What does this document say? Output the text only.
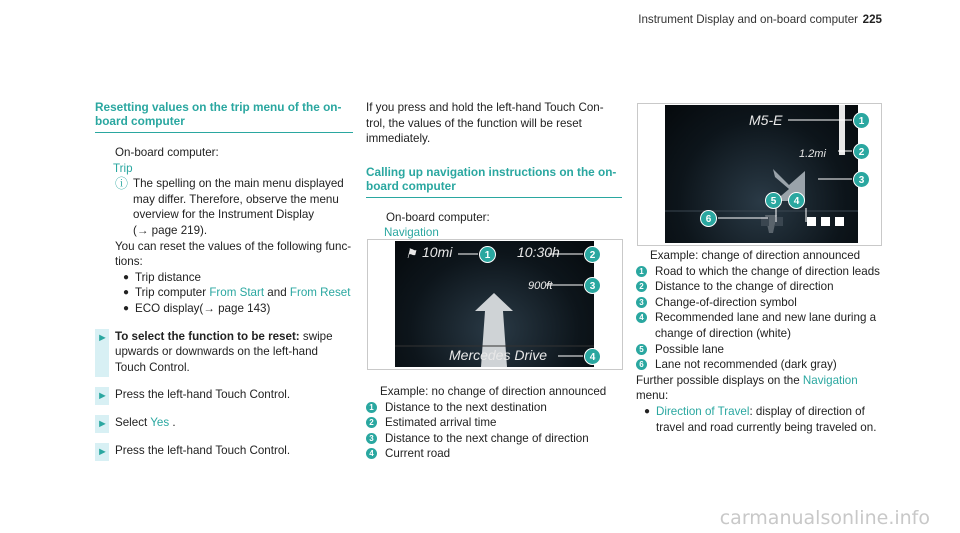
Instrument Display and on-board computer 225
Resetting values on the trip menu of the on-
board computer
On-board computer:
Trip
ⓘ The spelling on the main menu displayed
may differ. Therefore, observe the menu
overview for the Instrument Display
(→ page 219).
You can reset the values of the following func-
tions:
● Trip distance
● Trip computer From Start and From Reset
● ECO display(→ page 143)
► To select the function to be reset: swipe
upwards or downwards on the left-hand
Touch Control.
► Press the left-hand Touch Control.
► Select Yes .
► Press the left-hand Touch Control.
If you press and hold the left-hand Touch Con-
trol, the values of the function will be reset
immediately.
Calling up navigation instructions on the on-
board computer
On-board computer:
Navigation
⚑ 10mi	10:30h
900ft
Mercedes Drive
1	2
3
4
Example: no change of direction announced
1 Distance to the next destination
2 Estimated arrival time
3 Distance to the next change of direction
4 Current road
M5-E
1.2mi
1
2
3
4
5
6
Example: change of direction announced
1 Road to which the change of direction leads
2 Distance to the change of direction
3 Change-of-direction symbol
4 Recommended lane and new lane during a
change of direction (white)
5 Possible lane
6 Lane not recommended (dark gray)
Further possible displays on the Navigation
menu:
● Direction of Travel: display of direction of
travel and road currently being traveled on.
carmanualsonline.info
